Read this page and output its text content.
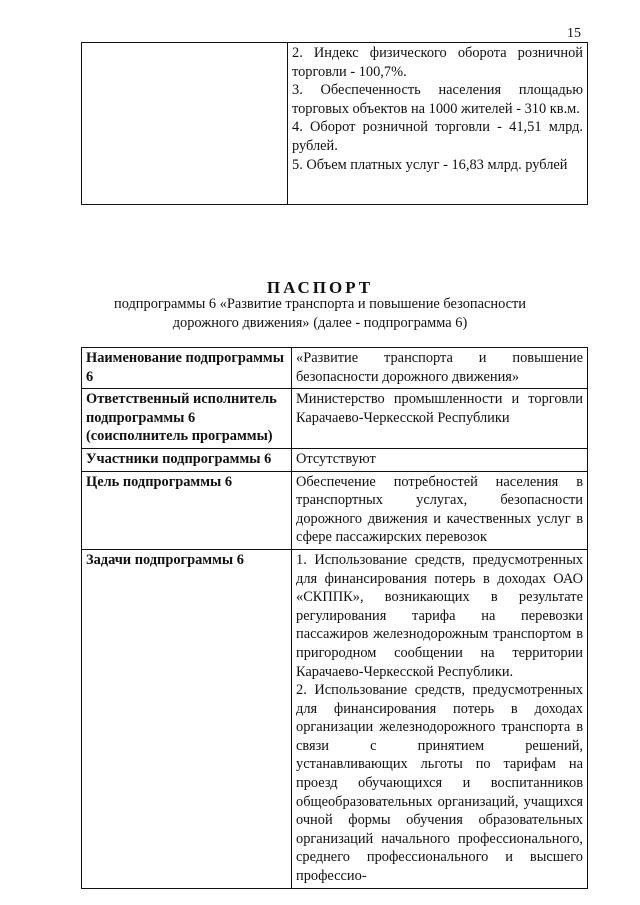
15

2. Индекс физического оборота розничной торговли - 100,7%.
3. Обеспеченность населения площадью торговых объектов на 1000 жителей - 310 кв.м.
4. Оборот розничной торговли - 41,51 млрд. рублей.
5. Объем платных услуг - 16,83 млрд. рублей
ПАСПОРТ
подпрограммы 6 «Развитие транспорта и повышение безопасности
дорожного движения» (далее - подпрограмма 6)
Наименование подпрограммы 6	«Развитие транспорта и повышение безопасности дорожного движения»
Ответственный исполнитель подпрограммы 6 (соисполнитель программы)	Министерство промышленности и торговли Карачаево-Черкесской Республики
Участники подпрограммы 6	Отсутствуют
Цель подпрограммы 6	Обеспечение потребностей населения в транспортных услугах, безопасности дорожного движения и качественных услуг в сфере пассажирских перевозок
Задачи подпрограммы 6	1. Использование средств, предусмотренных для финансирования потерь в доходах ОАО «СКППК», возникающих в результате регулирования тарифа на перевозки пассажиров железнодорожным транспортом в пригородном сообщении на территории Карачаево-Черкесской Республики.
2. Использование средств, предусмотренных для финансирования потерь в доходах организации железнодорожного транспорта в связи с принятием решений, устанавливающих льготы по тарифам на проезд обучающихся и воспитанников общеобразовательных организаций, учащихся очной формы обучения образовательных организаций начального профессионального, среднего профессионального и высшего профессио-
